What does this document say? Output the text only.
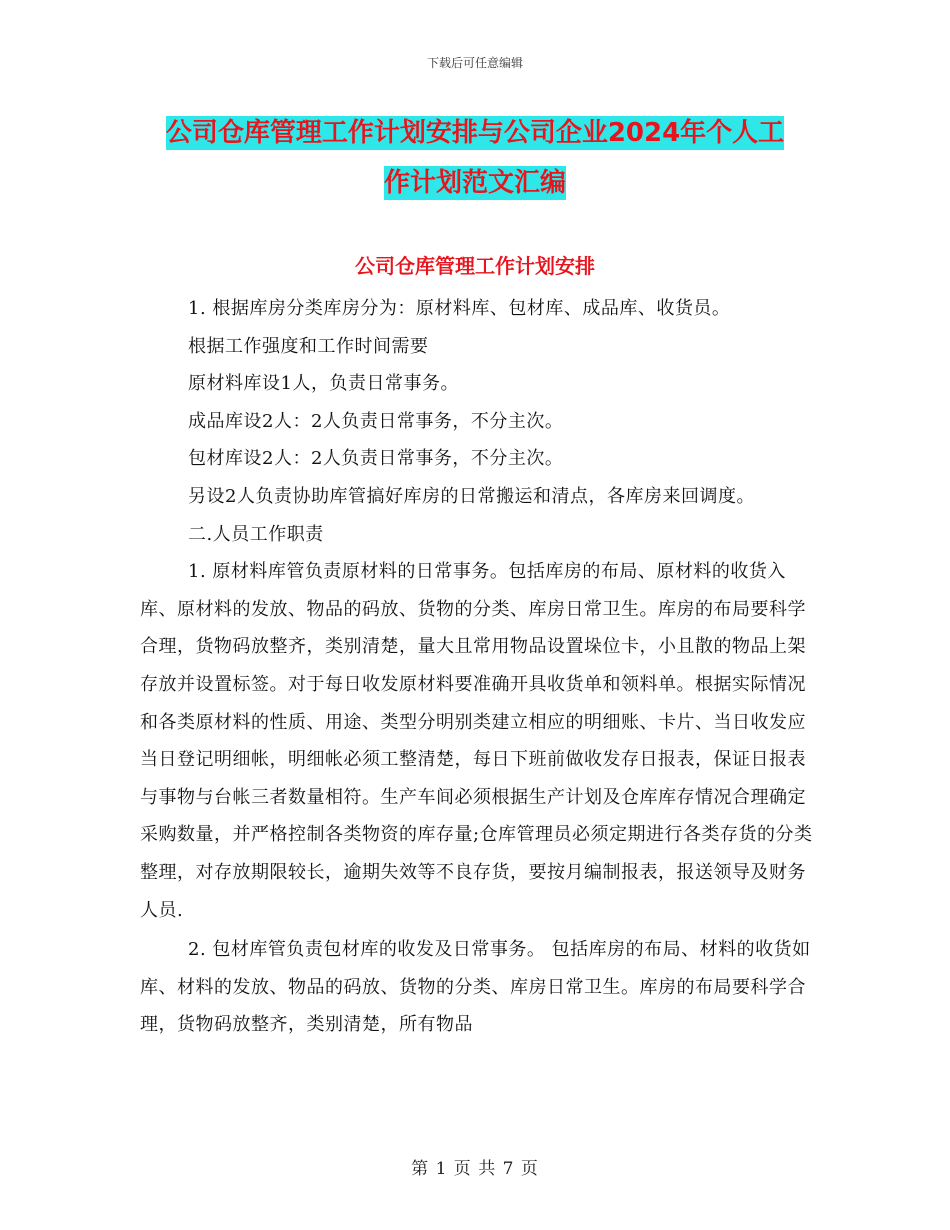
下载后可任意编辑
公司仓库管理工作计划安排与公司企业2024年个人工
作计划范文汇编
公司仓库管理工作计划安排

1. 根据库房分类库房分为：原材料库、包材库、成品库、收货员。

根据工作强度和工作时间需要

原材料库设1人，负责日常事务。

成品库设2人：2人负责日常事务，不分主次。

包材库设2人：2人负责日常事务，不分主次。

另设2人负责协助库管搞好库房的日常搬运和清点，各库房来回调度。

二.人员工作职责

1. 原材料库管负责原材料的日常事务。包括库房的布局、原材料的收货入库、原材料的发放、物品的码放、货物的分类、库房日常卫生。库房的布局要科学合理，货物码放整齐，类别清楚，量大且常用物品设置垛位卡，小且散的物品上架存放并设置标签。对于每日收发原材料要准确开具收货单和领料单。根据实际情况和各类原材料的性质、用途、类型分明别类建立相应的明细账、卡片、当日收发应当日登记明细帐，明细帐必须工整清楚，每日下班前做收发存日报表，保证日报表与事物与台帐三者数量相符。生产车间必须根据生产计划及仓库库存情况合理确定采购数量，并严格控制各类物资的库存量;仓库管理员必须定期进行各类存货的分类整理，对存放期限较长，逾期失效等不良存货，要按月编制报表，报送领导及财务人员.

2. 包材库管负责包材库的收发及日常事务。 包括库房的布局、材料的收货如库、材料的发放、物品的码放、货物的分类、库房日常卫生。库房的布局要科学合理，货物码放整齐，类别清楚，所有物品

第 1 页 共 7 页
